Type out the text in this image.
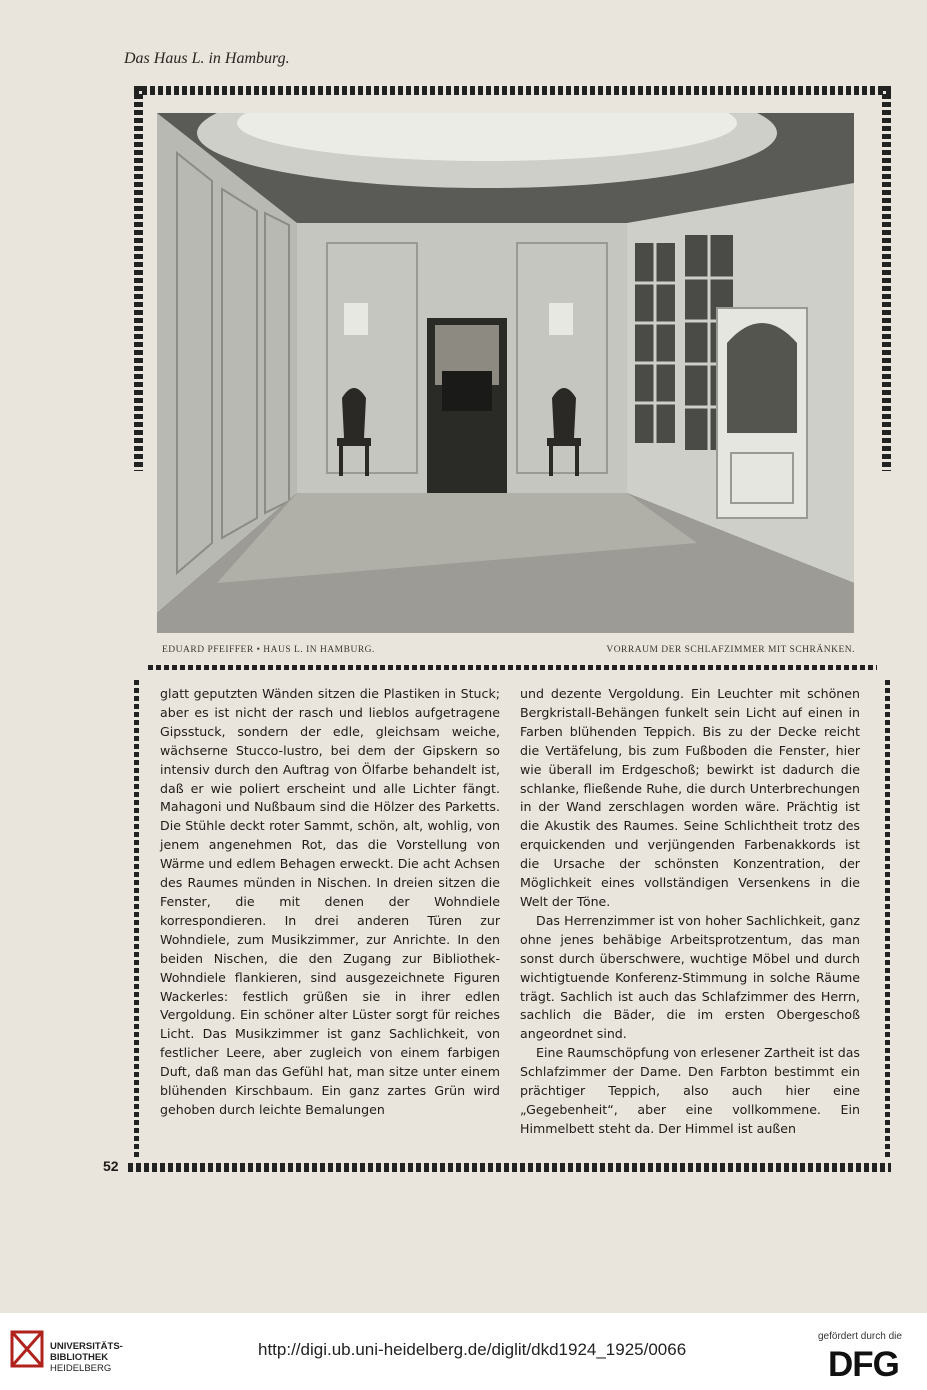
Das Haus L. in Hamburg.
EDUARD PFEIFFER • HAUS L. IN HAMBURG.	VORRAUM DER SCHLAFZIMMER MIT SCHRÄNKEN.

glatt geputzten Wänden sitzen die Plastiken in Stuck; aber es ist nicht der rasch und lieblos aufgetragene Gipsstuck, sondern der edle, gleichsam weiche, wächserne Stucco-lustro, bei dem der Gipskern so intensiv durch den Auftrag von Ölfarbe behandelt ist, daß er wie poliert erscheint und alle Lichter fängt. Mahagoni und Nußbaum sind die Hölzer des Parketts. Die Stühle deckt roter Sammt, schön, alt, wohlig, von jenem angenehmen Rot, das die Vorstellung von Wärme und edlem Behagen erweckt. Die acht Achsen des Raumes münden in Nischen. In dreien sitzen die Fenster, die mit denen der Wohndiele korrespondieren. In drei anderen Türen zur Wohndiele, zum Musikzimmer, zur Anrichte. In den beiden Nischen, die den Zugang zur Bibliothek-Wohndiele flankieren, sind ausgezeichnete Figuren Wackerles: festlich grüßen sie in ihrer edlen Vergoldung. Ein schöner alter Lüster sorgt für reiches Licht. Das Musikzimmer ist ganz Sachlichkeit, von festlicher Leere, aber zugleich von einem farbigen Duft, daß man das Gefühl hat, man sitze unter einem blühenden Kirschbaum. Ein ganz zartes Grün wird gehoben durch leichte Bemalungen

und dezente Vergoldung. Ein Leuchter mit schönen Bergkristall-Behängen funkelt sein Licht auf einen in Farben blühenden Teppich. Bis zu der Decke reicht die Vertäfelung, bis zum Fußboden die Fenster, hier wie überall im Erdgeschoß; bewirkt ist dadurch die schlanke, fließende Ruhe, die durch Unterbrechungen in der Wand zerschlagen worden wäre. Prächtig ist die Akustik des Raumes. Seine Schlichtheit trotz des erquickenden und verjüngenden Farbenakkords ist die Ursache der schönsten Konzentration, der Möglichkeit eines vollständigen Versenkens in die Welt der Töne.

Das Herrenzimmer ist von hoher Sachlichkeit, ganz ohne jenes behäbige Arbeitsprotzentum, das man sonst durch überschwere, wuchtige Möbel und durch wichtigtuende Konferenz-Stimmung in solche Räume trägt. Sachlich ist auch das Schlafzimmer des Herrn, sachlich die Bäder, die im ersten Obergeschoß angeordnet sind.

Eine Raumschöpfung von erlesener Zartheit ist das Schlafzimmer der Dame. Den Farbton bestimmt ein prächtiger Teppich, also auch hier eine „Gegebenheit“, aber eine vollkommene. Ein Himmelbett steht da. Der Himmel ist außen

52
UNIVERSITÄTS-
BIBLIOTHEK
HEIDELBERG
http://digi.ub.uni-heidelberg.de/diglit/dkd1924_1925/0066
gefördert durch die
DFG
